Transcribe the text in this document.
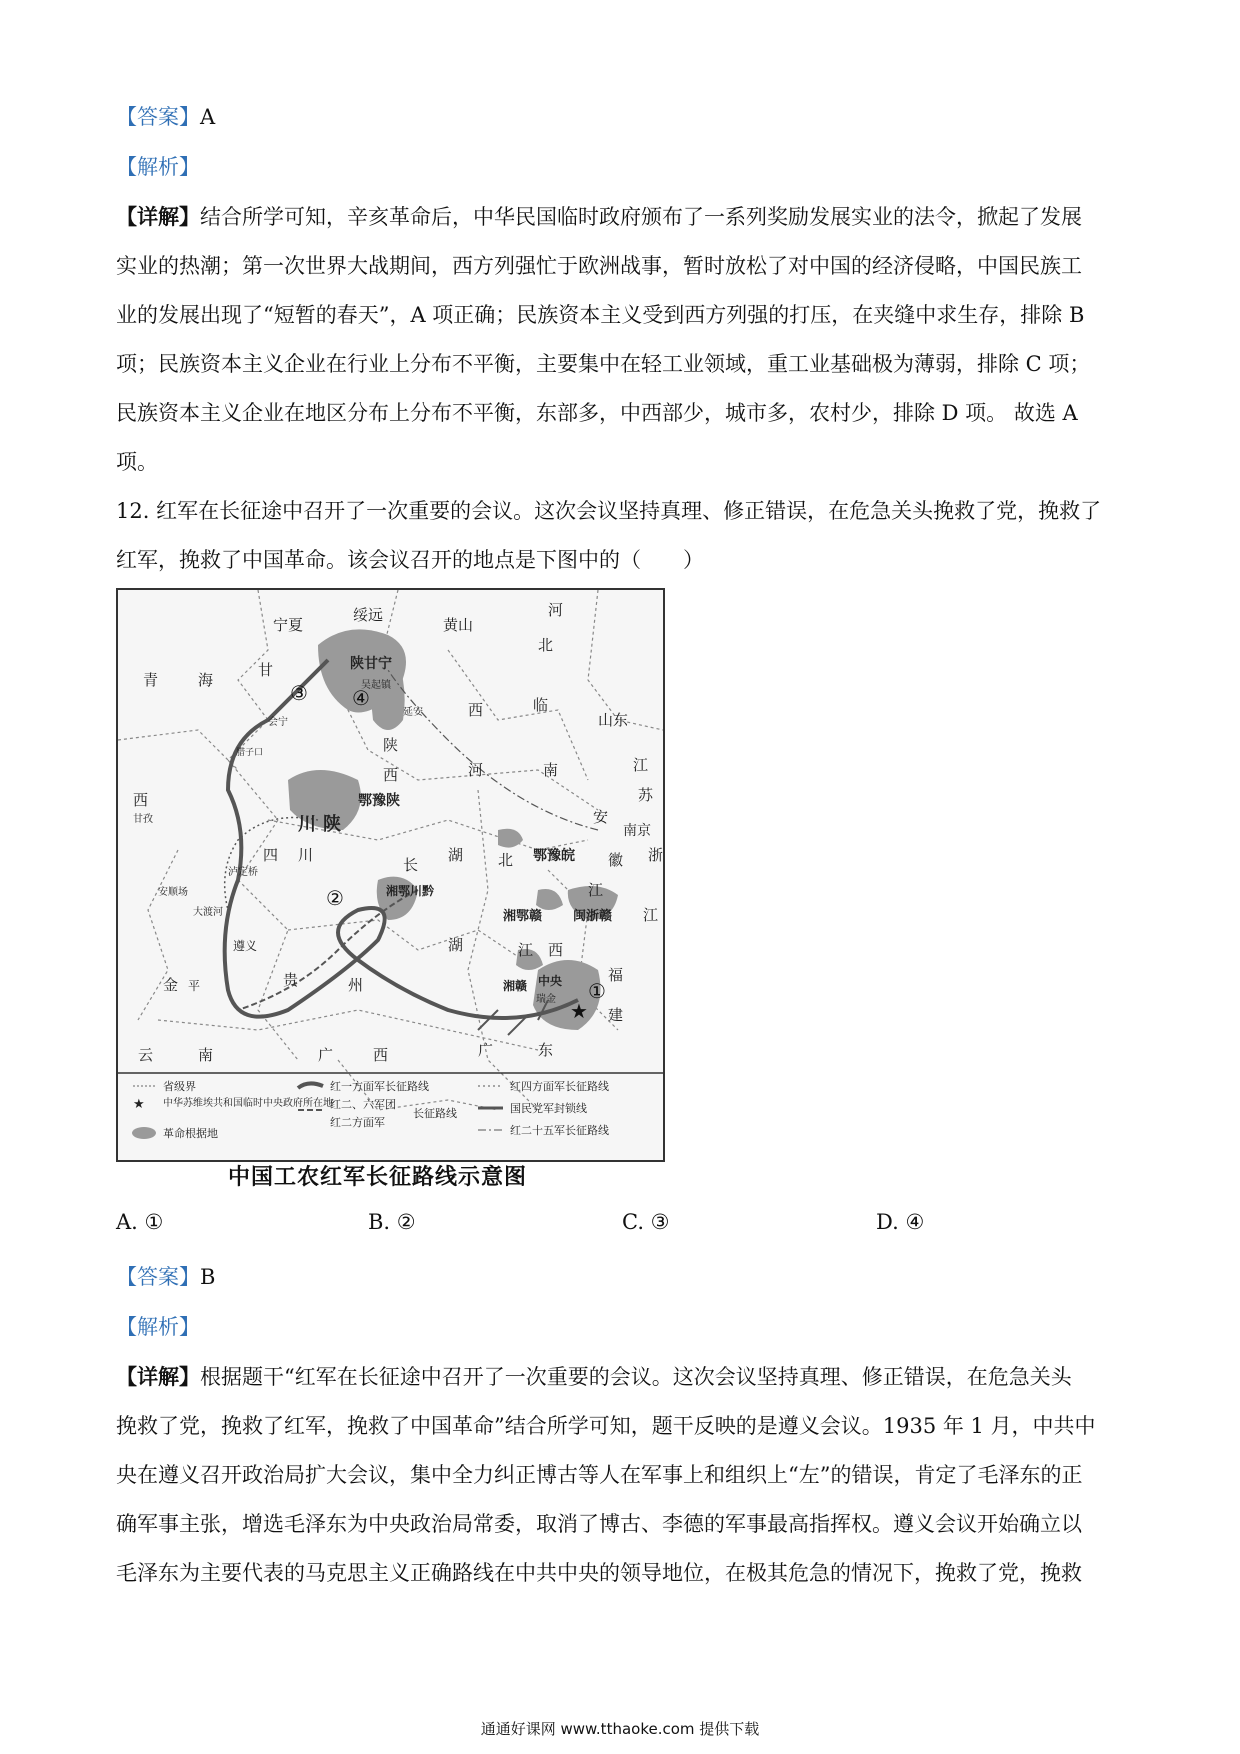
【答案】A
【解析】
【详解】结合所学可知，辛亥革命后，中华民国临时政府颁布了一系列奖励发展实业的法令，掀起了发展
实业的热潮；第一次世界大战期间，西方列强忙于欧洲战事，暂时放松了对中国的经济侵略，中国民族工
业的发展出现了“短暂的春天”，A 项正确；民族资本主义受到西方列强的打压，在夹缝中求生存，排除 B
项；民族资本主义企业在行业上分布不平衡，主要集中在轻工业领域，重工业基础极为薄弱，排除 C 项；
民族资本主义企业在地区分布上分布不平衡，东部多，中西部少，城市多，农村少，排除 D 项。 故选 A
项。
12. 红军在长征途中召开了一次重要的会议。这次会议坚持真理、修正错误，在危急关头挽救了党，挽救了
红军，挽救了中国革命。该会议召开的地点是下图中的（　　）
★
宁夏
绥远
黄山
河
北
青	海
甘	陕甘宁
吴起镇
延安	西	临
山东
会宁
腊子口	陕
西	河	南	江
苏
鄂豫陕
西
甘孜	川 陕	安
南京
四 川	鄂豫皖 徽
泸定桥	长
湖 北	浙
安顺场	湘鄂川黔	江
大渡河	湘鄂赣 闽浙赣 江
遵义	湖	江 西
金 平	贵	州	湘赣 中央
瑞金
福
建
云	南	广	西	广	东
①
②
③ ④
省级界
★ 中华苏维埃共和国临时中央政府所在地
革命根据地
红一方面军长征路线
红二、六军团
红二方面军
长征路线
红四方面军长征路线
国民党军封锁线
红二十五军长征路线
中国工农红军长征路线示意图
A. ①	B. ②	C. ③	D. ④
【答案】B
【解析】
【详解】根据题干“红军在长征途中召开了一次重要的会议。这次会议坚持真理、修正错误，在危急关头
挽救了党，挽救了红军，挽救了中国革命”结合所学可知，题干反映的是遵义会议。1935 年 1 月，中共中
央在遵义召开政治局扩大会议，集中全力纠正博古等人在军事上和组织上“左”的错误，肯定了毛泽东的正
确军事主张，增选毛泽东为中央政治局常委，取消了博古、李德的军事最高指挥权。遵义会议开始确立以
毛泽东为主要代表的马克思主义正确路线在中共中央的领导地位，在极其危急的情况下，挽救了党，挽救
通通好课网 www.tthaoke.com 提供下载
